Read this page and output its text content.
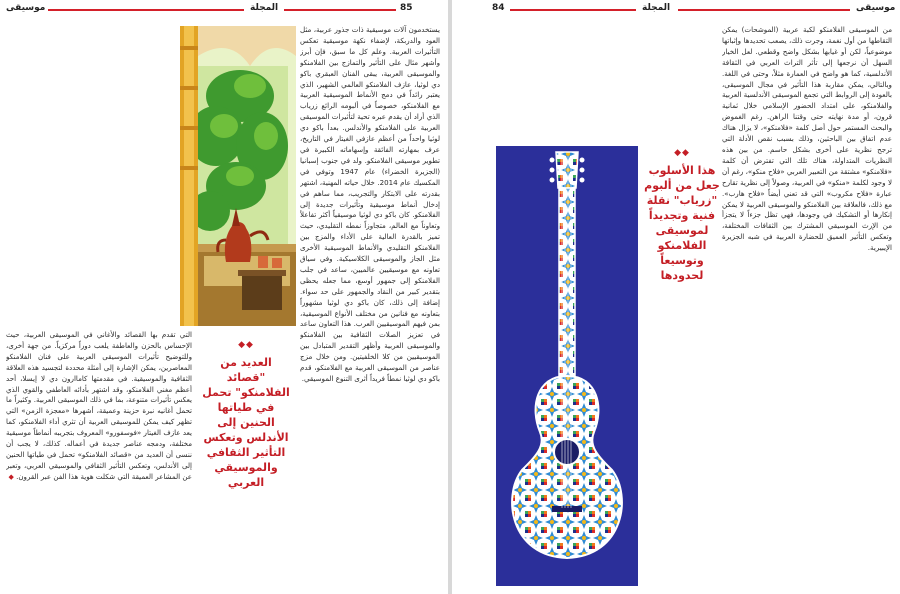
موسيقى	المجلة	85

يستخدمون آلات موسيقية ذات جذور عربية، مثل العود والدربكة، لإضفاء نكهة موسيقية تعكس التأثيرات العربية. وعلم كل ما سبق، فإن أبرز وأشهر مثال على التأثير والتمازج بين الفلامنكو والموسيقى العربية، يبقى الفنان العبقري باكو دي لوثيا، عازف الفلامنكو العالمي الشهير، الذي يعتبر رائداً في دمج الأنماط الموسيقية العربية مع الفلامنكو، خصوصاً في ألبومه الرائع زرياب الذي أراد أن يقدم عبره تحية لتأثيرات الموسيقى العربية على الفلامنكو والأندلس. بعدأ باكو دي لوثيا واحداً من أعظم عازفي الغيتار في التاريخ، عرف بمهارته الفائقة وإسهاماته الكبيرة في تطوير موسيقى الفلامنكو. ولد في جنوب إسبانيا (الجزيرة الخضراء) عام 1947 وتوفي في المكسيك عام 2014. خلال حياته المهنية، اشتهر بقدرته على الابتكار والتجريب، مما ساهم في إدخال أنماط موسيقية وتأثيرات جديدة إلى الفلامنكو. كان باكو دي لوثيا موسيقياً أكثر تفاعلاً وتعاوناً مع العالم، متجاوزاً نمطه التقليدي، حيث تميز بالقدرة العالية على الأداء والمزج بين الفلامنكو التقليدي والأنماط الموسيقية الأخرى مثل الجاز والموسيقى الكلاسيكية. وفي سياق تعاونه مع موسيقيين عالميين، ساعد في جلب الفلامنكو إلى جمهور أوسع، مما جعله يحظى بتقدير كبير من النقاد والجمهور على حد سواء. إضافة إلى ذلك، كان باكو دي لوثيا مشهوراً بتعاونه مع فنانين من مختلف الأنواع الموسيقية، بمن فيهم الموسيقيين العرب. هذا التعاون ساعد في تعزيز الصلات الثقافية بين الفلامنكو والموسيقى العربية وأظهر التقدير المتبادل بين الموسيقيين من كلا الخلفيتين. ومن خلال مزج عناصر من الموسيقى العربية مع الفلامنكو، قدم باكو دي لوثيا نمطاً فريداً أثرى التنوع الموسيقي.

التي تقدم بها القصائد والأغاني في الموسيقى العربية، حيث الإحساس بالحزن والعاطفة يلعب دوراً مركزياً. من جهة أخرى، وللتوضيح تأثيرات الموسيقى العربية على فنان الفلامنكو المعاصرين، يمكن الإشارة إلى أمثلة محددة لتجسيد هذه العلاقة الثقافية والموسيقية. في مقدمتها كاماارون دي لا إيسلا، أحد أعظم مغني الفلامنكو، وقد اشتهر بأدائه العاطفي والقوي الذي يعكس تأثيرات متنوعة، بما في ذلك الموسيقى العربية. وكثيراً ما تحمل أغانيه نبرة حزينة وعميقة، أشهرها «معجزة الزمن» التي تظهر كيف يمكن للموسيقى العربية أن تثري أداء الفلامنكو، كما يعد عازف الغيتار «فوسفورو» المعروف بتجريبه أنماطاً موسيقية مختلفة، ودمجه عناصر جديدة في أعماله. كذلك، لا يجب أن ننسى أن العديد من «قصائد الفلامنكو» تحمل في طياتها الحنين إلى الأندلس، وتعكس التأثير الثقافي والموسيقي العربي، وتعبر عن المشاعر العميقة التي شكلت هوية هذا الفن عبر القرون. ◆

◆◆
العديد من "قصائد الفلامنكو" تحمل في طياتها الحنين إلى الأندلس وتعكس التأثير الثقافي والموسيقي العربي
84	المجلة	موسيقى

من الموسيقى الفلامنكو لكبة عربية (الموشحات) يمكن التقاطها من أول نغمة، وجرت ذلك، يصعب تحديدها وإثباتها موضوعياً، لكن أو غيابها بشكل واضح وقطعي. لعل الخيار السهل أن نرجعها إلى تأثر التراث العربي في الثقافة الأندلسية، كما هو واضح في العمارة مثلاً، وحتى في اللغة. وبالتالي، يمكن مقاربة هذا التأثير في مجال الموسيقى، بالعودة إلى الروابط التي تجمع الموسيقى الأندلسية العربية والفلامنكو، على امتداد الحضور الإسلامي خلال ثمانية قرون، أو مدة نهايته حتى وقتنا الراهن. رغم الغموض والبحث المستمر حول أصل كلمة «فلامنكو»، لا يزال هناك عدم اتفاق بين الباحثين، وذلك بسبب نقص الأدلة التي ترجح نظرية على أخرى بشكل حاسم. من بين هذه النظريات المتداولة، هناك تلك التي تفترض أن كلمة «فلامنكو» مشتقة من التعبير العربي «فلاح منكو»، رغم أن لا وجود لكلمة «منكو» في العربية، وصولاً إلى نظرية تقارح عبارة «فلاح مكروب» التي قد تعني أيضاً «فلاح هارب». مع ذلك، فالعلاقة بين الفلامنكو والموسيقى العربية لا يمكن إنكارها أو التشكيك في وجودها، فهي تظل جزءاً لا يتجزأ من الإرث الموسيقي المشترك بين الثقافات المختلفة، وتعكس التأثير العميق للحضارة العربية في شبه الجزيرة الإيبيرية.

◆◆
هذا الأسلوب جعل من ألبوم "زرياب" نقلة فنية وتجديداً لموسيقى الفلامنكو وتوسيعاً لحدودها
